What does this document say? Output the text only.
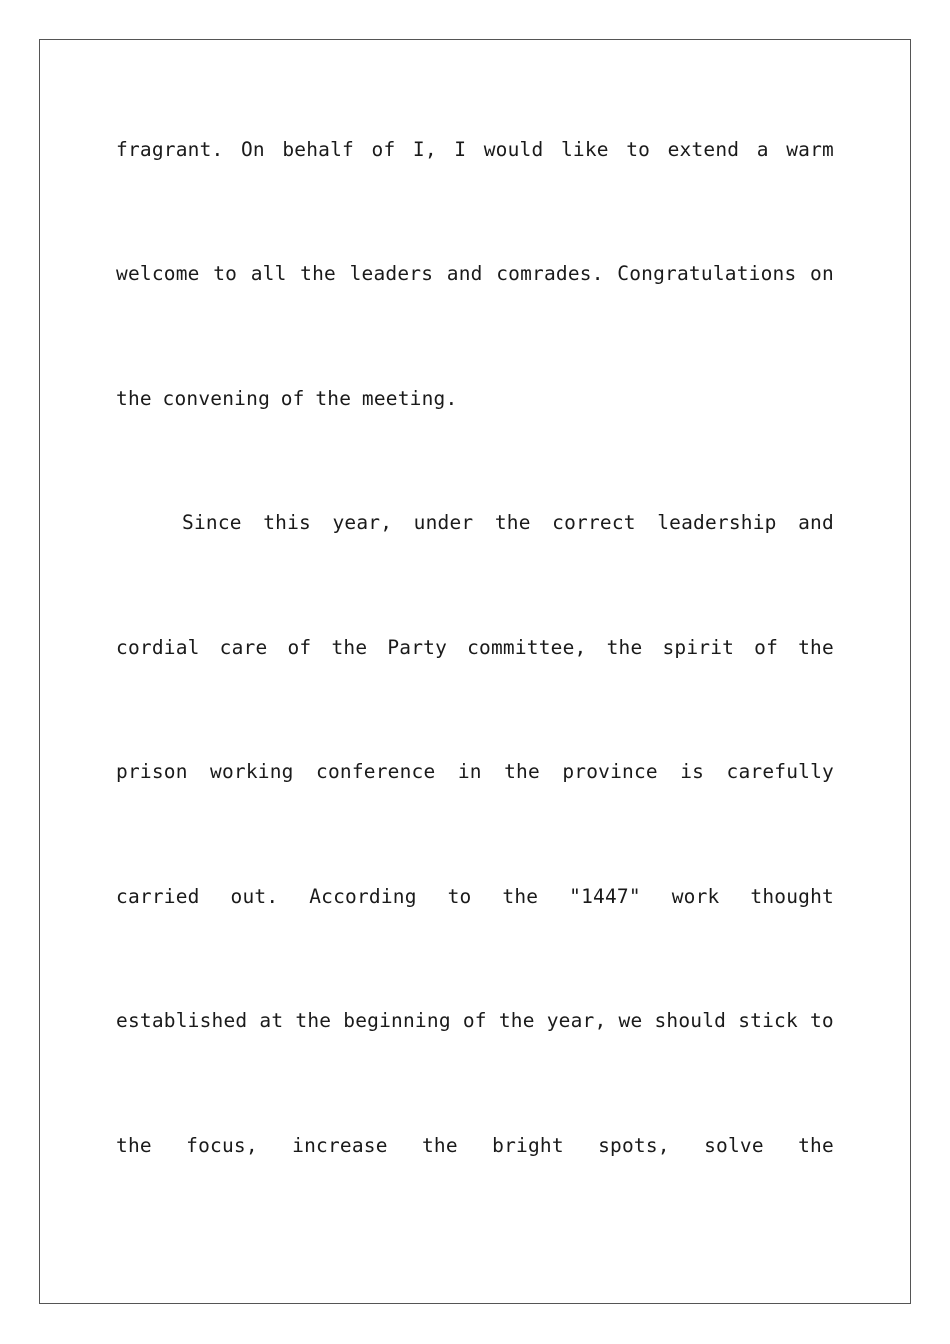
fragrant. On behalf of I, I would like to extend a warm
welcome to all the leaders and comrades. Congratulations on
the convening of the meeting.
Since this year, under the correct leadership and
cordial care of the Party committee, the spirit of the
prison working conference in the province is carefully
carried out. According to the "1447" work thought
established at the beginning of the year, we should stick to
the focus, increase the bright spots, solve the
